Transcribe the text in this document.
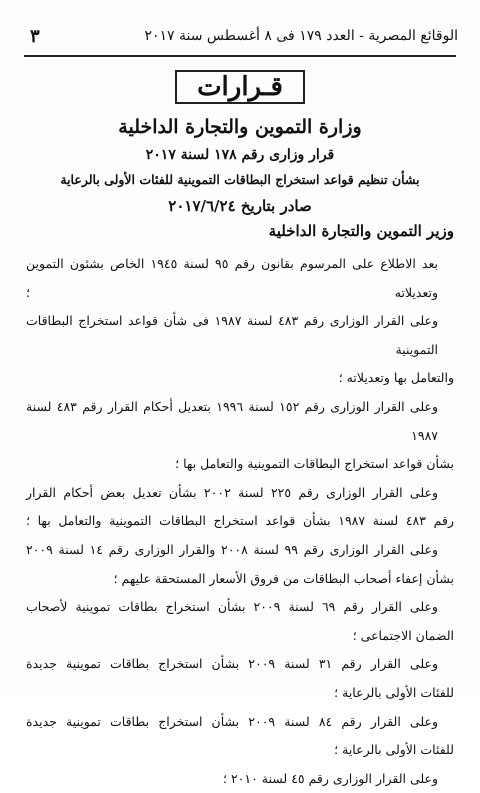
الوقائع المصرية - العدد ١٧٩ فى ٨ أغسطس سنة ٢٠١٧
٣
قـرارات
وزارة التموين والتجارة الداخلية
قرار وزارى رقم ١٧٨ لسنة ٢٠١٧
بشأن تنظيم قواعد استخراج البطاقات التموينية للفئات الأولى بالرعاية
صادر بتاريخ ٢٠١٧/٦/٢٤
وزير التموين والتجارة الداخلية

بعد الاطلاع على المرسوم بقانون رقم ٩٥ لسنة ١٩٤٥ الخاص بشئون التموين وتعديلاته ؛

وعلى القرار الوزارى رقم ٤٨٣ لسنة ١٩٨٧ فى شأن قواعد استخراج البطاقات التموينية

والتعامل بها وتعديلاته ؛

وعلى القرار الوزارى رقم ١٥٢ لسنة ١٩٩٦ بتعديل أحكام القرار رقم ٤٨٣ لسنة ١٩٨٧

بشأن قواعد استخراج البطاقات التموينية والتعامل بها ؛

وعلى القرار الوزارى رقم ٢٢٥ لسنة ٢٠٠٢ بشأن تعديل بعض أحكام القرار

رقم ٤٨٣ لسنة ١٩٨٧ بشأن قواعد استخراج البطاقات التموينية والتعامل بها ؛

وعلى القرار الوزارى رقم ٩٩ لسنة ٢٠٠٨ والقرار الوزارى رقم ١٤ لسنة ٢٠٠٩

بشأن إعفاء أصحاب البطاقات من فروق الأسعار المستحقة عليهم ؛

وعلى القرار رقم ٦٩ لسنة ٢٠٠٩ بشأن استخراج بطاقات تموينية لأصحاب

الضمان الاجتماعى ؛

وعلى القرار رقم ٣١ لسنة ٢٠٠٩ بشأن استخراج بطاقات تموينية جديدة

للفئات الأولى بالرعاية ؛

وعلى القرار رقم ٨٤ لسنة ٢٠٠٩ بشأن استخراج بطاقات تموينية جديدة

للفئات الأولى بالرعاية ؛

وعلى القرار الوزارى رقم ٤٥ لسنة ٢٠١٠ ؛
